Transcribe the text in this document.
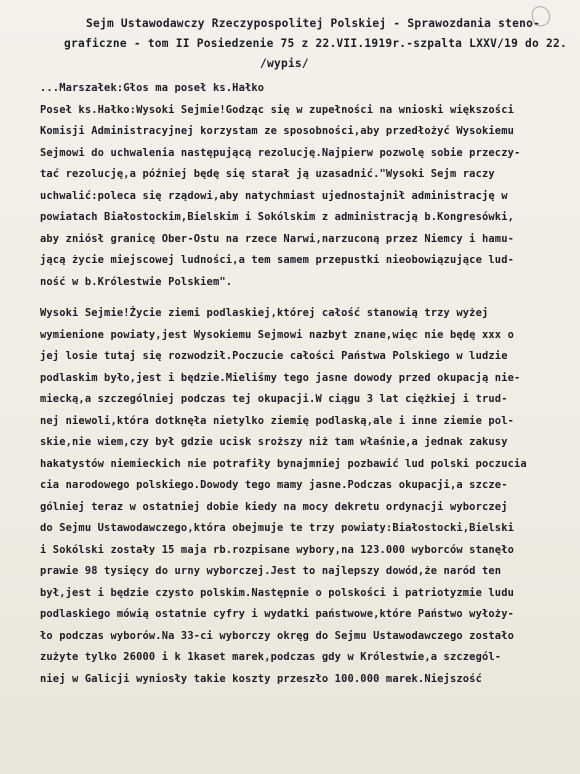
Sejm Ustawodawczy Rzeczypospolitej Polskiej - Sprawozdania steno-
graficzne - tom II Posiedzenie 75 z 22.VII.1919r.-szpalta LXXV/19 do 22.
/wypis/
...Marszałek:Głos ma poseł ks.Hałko
Poseł ks.Hałko:Wysoki Sejmie!Godząc się w zupełności na wnioski większości
Komisji Administracyjnej korzystam ze sposobności,aby przedłożyć Wysokiemu
Sejmowi do uchwalenia następującą rezolucję.Najpierw pozwolę sobie przeczy-
tać rezolucję,a później będę się starał ją uzasadnić."Wysoki Sejm raczy
uchwalić:poleca się rządowi,aby natychmiast ujednostajnił administrację w
powiatach Białostockim,Bielskim i Sokólskim z administracją b.Kongresówki,
aby zniósł granicę Ober-Ostu na rzece Narwi,narzuconą przez Niemcy i hamu-
jącą życie miejscowej ludności,a tem samem przepustki nieobowiązujące lud-
ność w b.Królestwie Polskiem".
Wysoki Sejmie!Życie ziemi podlaskiej,której całość stanowią trzy wyżej
wymienione powiaty,jest Wysokiemu Sejmowi nazbyt znane,więc nie będę xxx o
jej losie tutaj się rozwodził.Poczucie całości Państwa Polskiego w ludzie
podlaskim było,jest i będzie.Mieliśmy tego jasne dowody przed okupacją nie-
miecką,a szczególniej podczas tej okupacji.W ciągu 3 lat ciężkiej i trud-
nej niewoli,która dotknęła nietylko ziemię podlaską,ale i inne ziemie pol-
skie,nie wiem,czy był gdzie ucisk sroższy niż tam właśnie,a jednak zakusy
hakatystów niemieckich nie potrafiły bynajmniej pozbawić lud polski poczucia
cia narodowego polskiego.Dowody tego mamy jasne.Podczas okupacji,a szcze-
gólniej teraz w ostatniej dobie kiedy na mocy dekretu ordynacji wyborczej
do Sejmu Ustawodawczego,która obejmuje te trzy powiaty:Białostocki,Bielski
i Sokólski zostały 15 maja rb.rozpisane wybory,na 123.000 wyborców stanęło
prawie 98 tysięcy do urny wyborczej.Jest to najlepszy dowód,że naród ten
był,jest i będzie czysto polskim.Następnie o polskości i patriotyzmie ludu
podlaskiego mówią ostatnie cyfry i wydatki państwowe,które Państwo wyłoży-
ło podczas wyborów.Na 33-ci wyborczy okręg do Sejmu Ustawodawczego zostało
zużyte tylko 26000 i k 1kaset marek,podczas gdy w Królestwie,a szczegól-
niej w Galicji wyniosły takie koszty przeszło 100.000 marek.Niejszość
